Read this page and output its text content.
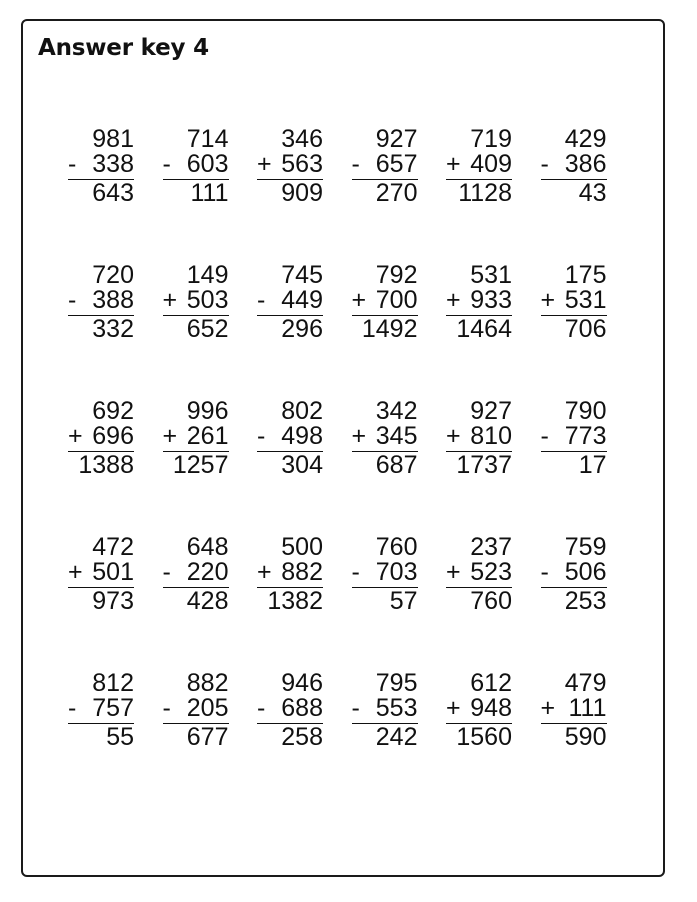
Answer key 4
981
- 338
643
714
- 603
111
346
+ 563
909
927
- 657
270
719
+ 409
1128
429
- 386
43
720
- 388
332
149
+ 503
652
745
- 449
296
792
+ 700
1492
531
+ 933
1464
175
+ 531
706
692
+ 696
1388
996
+ 261
1257
802
- 498
304
342
+ 345
687
927
+ 810
1737
790
- 773
17
472
+ 501
973
648
- 220
428
500
+ 882
1382
760
- 703
57
237
+ 523
760
759
- 506
253
812
- 757
55
882
- 205
677
946
- 688
258
795
- 553
242
612
+ 948
1560
479
+ 111
590
